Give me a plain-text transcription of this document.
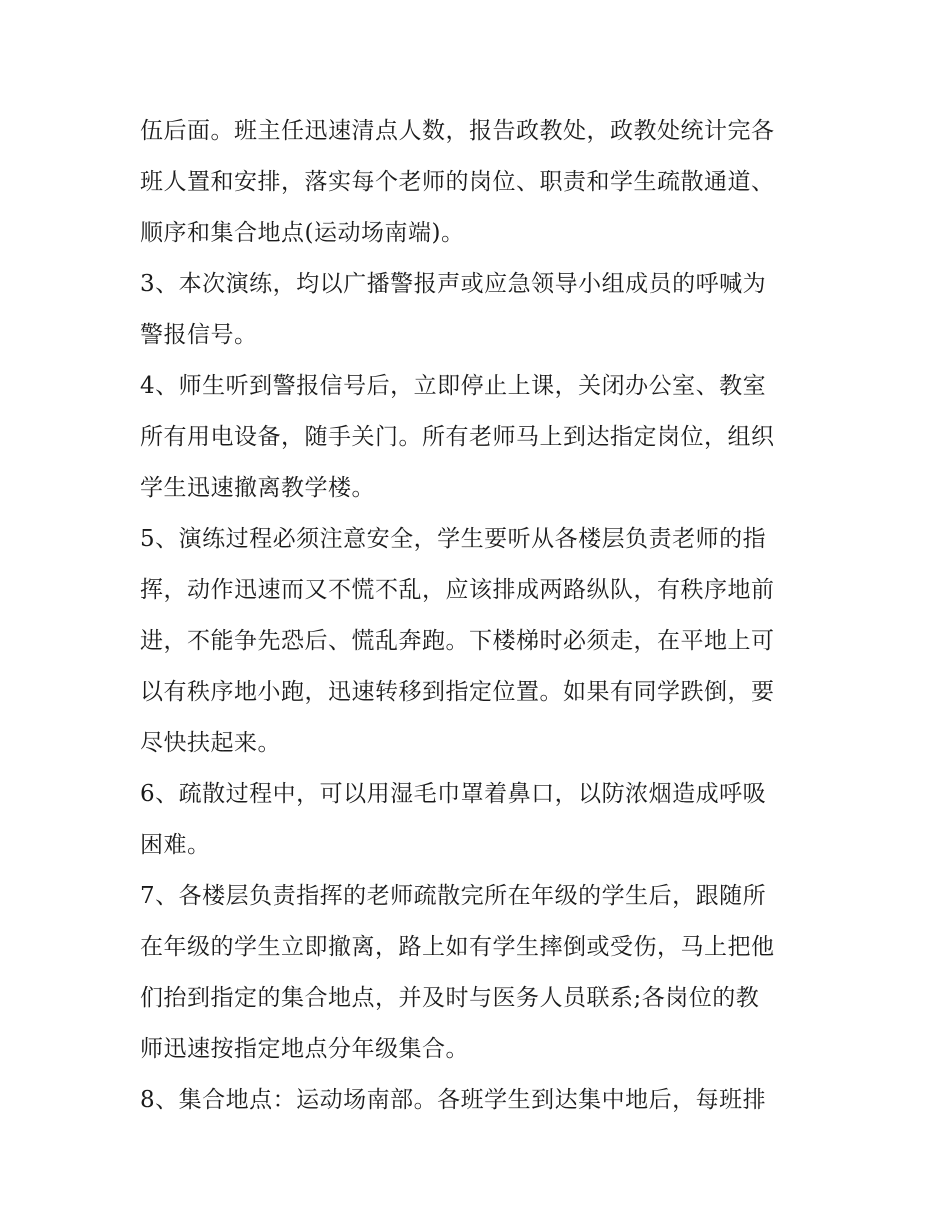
伍后面。班主任迅速清点人数，报告政教处，政教处统计完各
班人置和安排，落实每个老师的岗位、职责和学生疏散通道、
顺序和集合地点(运动场南端)。
3、本次演练，均以广播警报声或应急领导小组成员的呼喊为
警报信号。
4、师生听到警报信号后，立即停止上课，关闭办公室、教室
所有用电设备，随手关门。所有老师马上到达指定岗位，组织
学生迅速撤离教学楼。
5、演练过程必须注意安全，学生要听从各楼层负责老师的指
挥，动作迅速而又不慌不乱，应该排成两路纵队，有秩序地前
进，不能争先恐后、慌乱奔跑。下楼梯时必须走，在平地上可
以有秩序地小跑，迅速转移到指定位置。如果有同学跌倒，要
尽快扶起来。
6、疏散过程中，可以用湿毛巾罩着鼻口，以防浓烟造成呼吸
困难。
7、各楼层负责指挥的老师疏散完所在年级的学生后，跟随所
在年级的学生立即撤离，路上如有学生摔倒或受伤，马上把他
们抬到指定的集合地点，并及时与医务人员联系;各岗位的教
师迅速按指定地点分年级集合。
8、集合地点：运动场南部。各班学生到达集中地后，每班排
